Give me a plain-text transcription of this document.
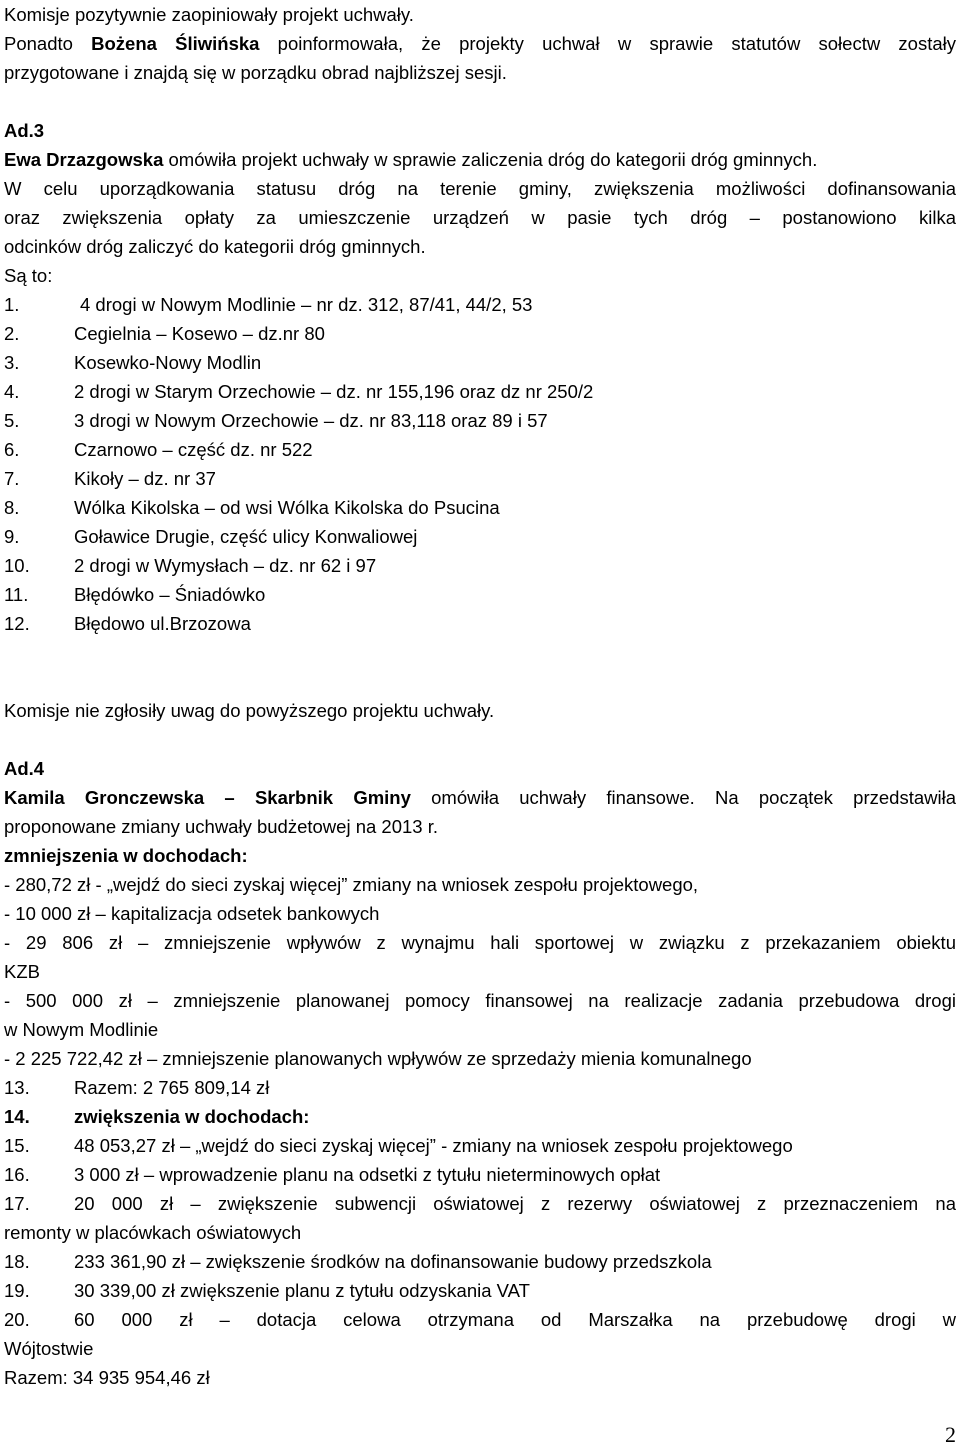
Komisje pozytywnie zaopiniowały projekt uchwały.
Ponadto Bożena Śliwińska poinformowała, że projekty uchwał w sprawie statutów sołectw zostały
przygotowane i znajdą się w porządku obrad najbliższej sesji.
Ad.3
Ewa Drzazgowska omówiła projekt uchwały w sprawie zaliczenia dróg do kategorii dróg gminnych.
W celu uporządkowania statusu dróg na terenie gminy, zwiększenia możliwości dofinansowania
oraz zwiększenia opłaty za umieszczenie urządzeń w pasie tych dróg – postanowiono kilka
odcinków dróg zaliczyć do kategorii dróg gminnych.
Są to:
1.	4 drogi w Nowym Modlinie – nr dz. 312, 87/41, 44/2, 53
2.	Cegielnia – Kosewo – dz.nr 80
3.	Kosewko-Nowy Modlin
4.	2 drogi w Starym Orzechowie – dz. nr 155,196 oraz dz nr 250/2
5.	3 drogi w Nowym Orzechowie – dz. nr 83,118 oraz 89 i 57
6.	Czarnowo – część dz. nr 522
7.	Kikoły – dz. nr 37
8.	Wólka Kikolska – od wsi Wólka Kikolska do Psucina
9.	Goławice Drugie, część ulicy Konwaliowej
10. 2 drogi w Wymysłach – dz. nr 62 i 97
11. Błędówko – Śniadówko
12. Błędowo ul.Brzozowa
Komisje nie zgłosiły uwag do powyższego projektu uchwały.
Ad.4
Kamila Gronczewska – Skarbnik Gminy omówiła uchwały finansowe. Na początek przedstawiła
proponowane zmiany uchwały budżetowej na 2013 r.
zmniejszenia w dochodach:
- 280,72 zł - „wejdź do sieci zyskaj więcej” zmiany na wniosek zespołu projektowego,
- 10 000 zł – kapitalizacja odsetek bankowych
- 29 806 zł – zmniejszenie wpływów z wynajmu hali sportowej w związku z przekazaniem obiektu
KZB
- 500 000 zł – zmniejszenie planowanej pomocy finansowej na realizacje zadania przebudowa drogi
w Nowym Modlinie
- 2 225 722,42 zł – zmniejszenie planowanych wpływów ze sprzedaży mienia komunalnego
13. Razem: 2 765 809,14 zł
14. zwiększenia w dochodach:
15. 48 053,27 zł – „wejdź do sieci zyskaj więcej” - zmiany na wniosek zespołu projektowego
16. 3 000 zł – wprowadzenie planu na odsetki z tytułu nieterminowych opłat
17. 20 000 zł – zwiększenie subwencji oświatowej z rezerwy oświatowej z przeznaczeniem na
remonty w placówkach oświatowych
18. 233 361,90 zł – zwiększenie środków na dofinansowanie budowy przedszkola
19. 30 339,00 zł zwiększenie planu z tytułu odzyskania VAT
20. 60 000 zł – dotacja celowa otrzymana od Marszałka na przebudowę drogi w
Wójtostwie
Razem: 34 935 954,46 zł
2
